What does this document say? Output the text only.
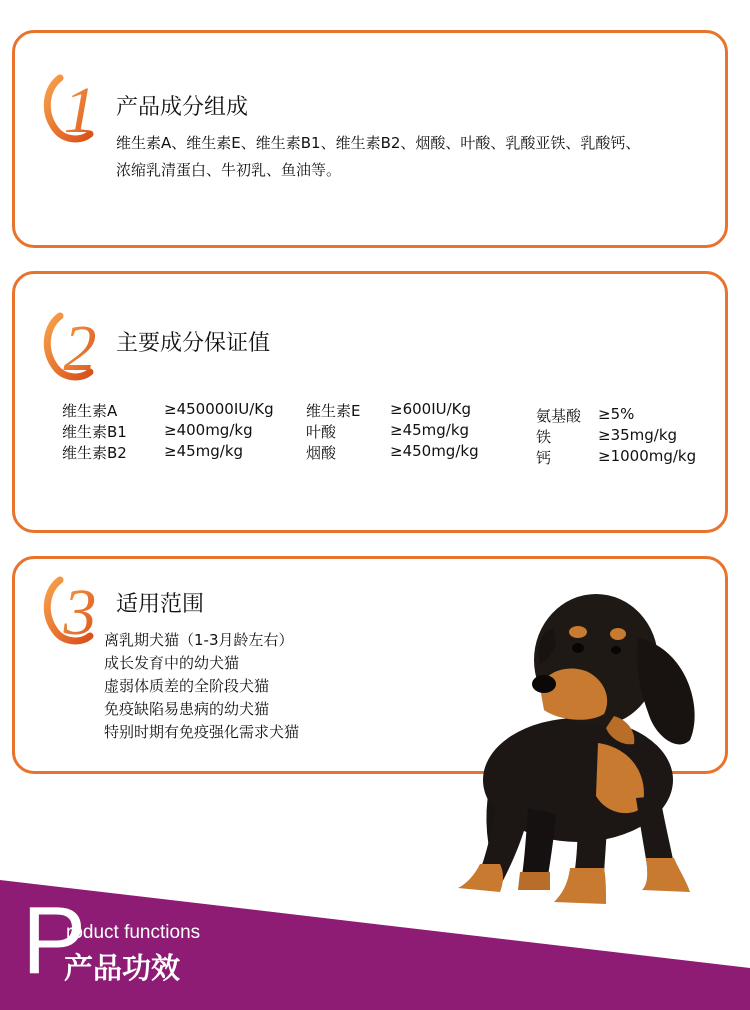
1 产品成分组成
维生素A、维生素E、维生素B1、维生素B2、烟酸、叶酸、乳酸亚铁、乳酸钙、
浓缩乳清蛋白、牛初乳、鱼油等。
2 主要成分保证值
维生素A	≥450000IU/Kg
维生素B1 ≥400mg/kg
维生素B2 ≥45mg/kg
维生素E ≥600IU/Kg
叶酸	≥45mg/kg
烟酸	≥450mg/kg
氨基酸 ≥5%
铁	≥35mg/kg
钙	≥1000mg/kg
3 适用范围
离乳期犬猫（1-3月龄左右）
成长发育中的幼犬猫
虚弱体质差的全阶段犬猫
免疫缺陷易患病的幼犬猫
特别时期有免疫强化需求犬猫
P
roduct functions
产品功效
